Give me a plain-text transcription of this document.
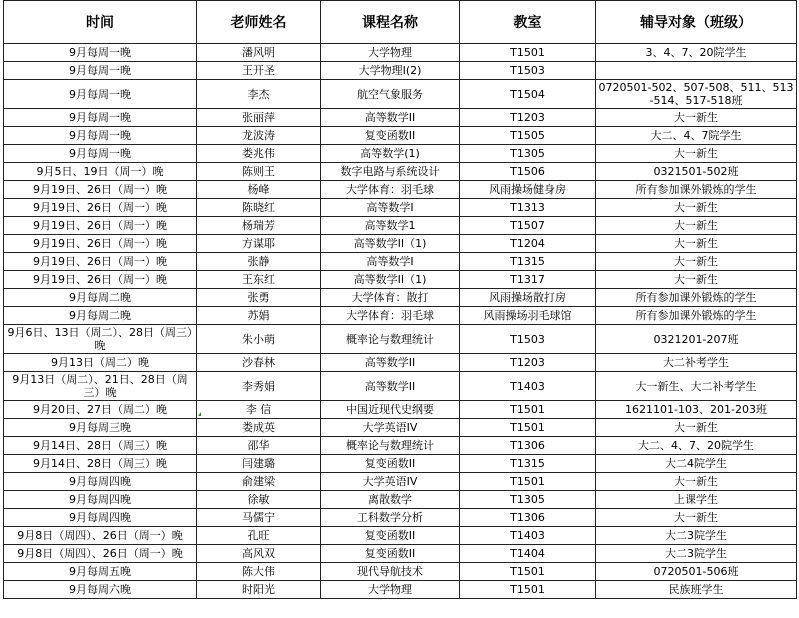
时间	老师姓名	课程名称	教室	辅导对象（班级）
9月每周一晚	潘风明	大学物理	T1501	3、4、7、20院学生
9月每周一晚	王开圣	大学物理I(2)	T1503	
9月每周一晚	李杰	航空气象服务	T1504	0720501-502、507-508、511、513-514、517-518班
9月每周一晚	张丽萍	高等数学II	T1203	大一新生
9月每周一晚	龙波涛	复变函数II	T1505	大二、4、7院学生
9月每周一晚	娄兆伟	高等数学(1)	T1305	大一新生
9月5日、19日（周一）晚	陈则王	数字电路与系统设计	T1506	0321501-502班
9月19日、26日（周一）晚	杨峰	大学体育：羽毛球	风雨操场健身房	所有参加课外锻炼的学生
9月19日、26日（周一）晚	陈晓红	高等数学I	T1313	大一新生
9月19日、26日（周一）晚	杨瑞芳	高等数学1	T1507	大一新生
9月19日、26日（周一）晚	方谋耶	高等数学II（1)	T1204	大一新生
9月19日、26日（周一）晚	张静	高等数学I	T1315	大一新生
9月19日、26日（周一）晚	王东红	高等数学II（1)	T1317	大一新生
9月每周二晚	张勇	大学体育：散打	风雨操场散打房	所有参加课外锻炼的学生
9月每周二晚	苏娟	大学体育：羽毛球	风雨操场羽毛球馆	所有参加课外锻炼的学生
9月6日、13日（周二）、28日（周三）晚	朱小萌	概率论与数理统计	T1503	0321201-207班
9月13日（周二）晚	沙春林	高等数学II	T1203	大二补考学生
9月13日（周二）、21日、28日（周三）晚	李秀娟	高等数学II	T1403	大一新生、大二补考学生
9月20日、27日（周二）晚	李 信	中国近现代史纲要	T1501	1621101-103、201-203班
9月每周三晚	娄成英	大学英语IV	T1501	大一新生
9月14日、28日（周三）晚	邵华	概率论与数理统计	T1306	大二、4、7、20院学生
9月14日、28日（周三）晚	闫建璐	复变函数II	T1315	大二4院学生
9月每周四晚	俞建梁	大学英语IV	T1501	大一新生
9月每周四晚	徐敏	离散数学	T1305	上课学生
9月每周四晚	马儒宁	工科数学分析	T1306	大一新生
9月8日（周四）、26日（周一）晚	孔旺	复变函数II	T1403	大二3院学生
9月8日（周四）、26日（周一）晚	高风双	复变函数II	T1404	大二3院学生
9月每周五晚	陈大伟	现代导航技术	T1501	0720501-506班
9月每周六晚	时阳光	大学物理	T1501	民族班学生
